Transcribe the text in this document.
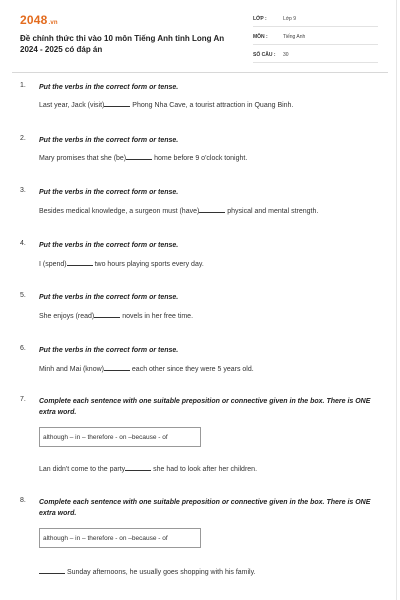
2048.vn
Đề chính thức thi vào 10 môn Tiếng Anh tỉnh Long An 2024 - 2025 có đáp án
LỚP :	Lớp 9
MÔN :	Tiếng Anh
SỐ CÂU :	30
1. Put the verbs in the correct form or tense.
Last year, Jack (visit)	Phong Nha Cave, a tourist attraction in Quang Binh.
2. Put the verbs in the correct form or tense.
Mary promises that she (be)	home before 9 o'clock tonight.
3. Put the verbs in the correct form or tense.
Besides medical knowledge, a surgeon must (have)	physical and mental strength.
4. Put the verbs in the correct form or tense.
I (spend)	two hours playing sports every day.
5. Put the verbs in the correct form or tense.
She enjoys (read)	novels in her free time.
6. Put the verbs in the correct form or tense.
Minh and Mai (know)	each other since they were 5 years old.
7. Complete each sentence with one suitable preposition or connective given in the box. There is ONE extra word.
although – in – therefore - on –because - of
Lan didn't come to the party	she had to look after her children.
8. Complete each sentence with one suitable preposition or connective given in the box. There is ONE extra word.
although – in – therefore - on –because - of
Sunday afternoons, he usually goes shopping with his family.
